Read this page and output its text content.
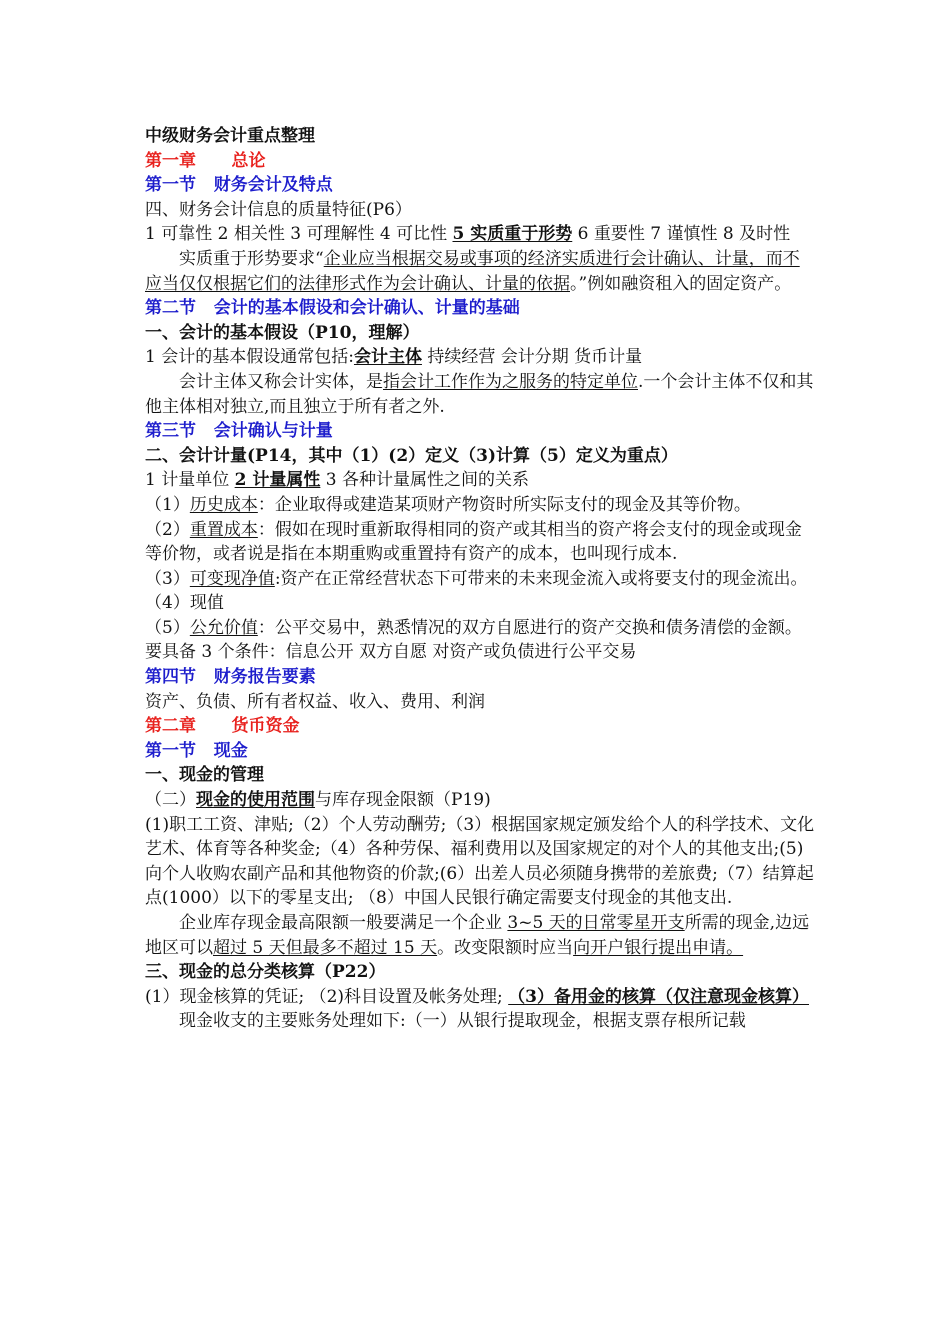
中级财务会计重点整理

第一章 总论

第一节 财务会计及特点

四、财务会计信息的质量特征(P6）

1 可靠性 2 相关性 3 可理解性 4 可比性 5 实质重于形势 6 重要性 7 谨慎性 8 及时性

实质重于形势要求“企业应当根据交易或事项的经济实质进行会计确认、计量，而不应当仅仅根据它们的法律形式作为会计确认、计量的依据。”例如融资租入的固定资产。

第二节 会计的基本假设和会计确认、计量的基础

一、会计的基本假设（P10，理解）

1 会计的基本假设通常包括:会计主体 持续经营 会计分期 货币计量

会计主体又称会计实体，是指会计工作作为之服务的特定单位.一个会计主体不仅和其他主体相对独立,而且独立于所有者之外.

第三节 会计确认与计量

二、会计计量(P14，其中（1）(2）定义（3)计算（5）定义为重点）

1 计量单位 2 计量属性 3 各种计量属性之间的关系

（1）历史成本：企业取得或建造某项财产物资时所实际支付的现金及其等价物。

（2）重置成本：假如在现时重新取得相同的资产或其相当的资产将会支付的现金或现金等价物，或者说是指在本期重购或重置持有资产的成本，也叫现行成本.

（3）可变现净值:资产在正常经营状态下可带来的未来现金流入或将要支付的现金流出。

（4）现值

（5）公允价值：公平交易中，熟悉情况的双方自愿进行的资产交换和债务清偿的金额。要具备 3 个条件：信息公开 双方自愿 对资产或负债进行公平交易

第四节 财务报告要素

资产、负债、所有者权益、收入、费用、利润

第二章 货币资金

第一节 现金

一、现金的管理

（二）现金的使用范围与库存现金限额（P19)

(1)职工工资、津贴;（2）个人劳动酬劳;（3）根据国家规定颁发给个人的科学技术、文化艺术、体育等各种奖金;（4）各种劳保、福利费用以及国家规定的对个人的其他支出;(5)向个人收购农副产品和其他物资的价款;(6）出差人员必须随身携带的差旅费;（7）结算起点(1000）以下的零星支出; （8）中国人民银行确定需要支付现金的其他支出.

企业库存现金最高限额一般要满足一个企业 3~5 天的日常零星开支所需的现金,边远地区可以超过 5 天但最多不超过 15 天。改变限额时应当向开户银行提出申请。

三、现金的总分类核算（P22）

(1）现金核算的凭证; （2)科目设置及帐务处理; （3）备用金的核算（仅注意现金核算）

现金收支的主要账务处理如下:（一）从银行提取现金，根据支票存根所记载
